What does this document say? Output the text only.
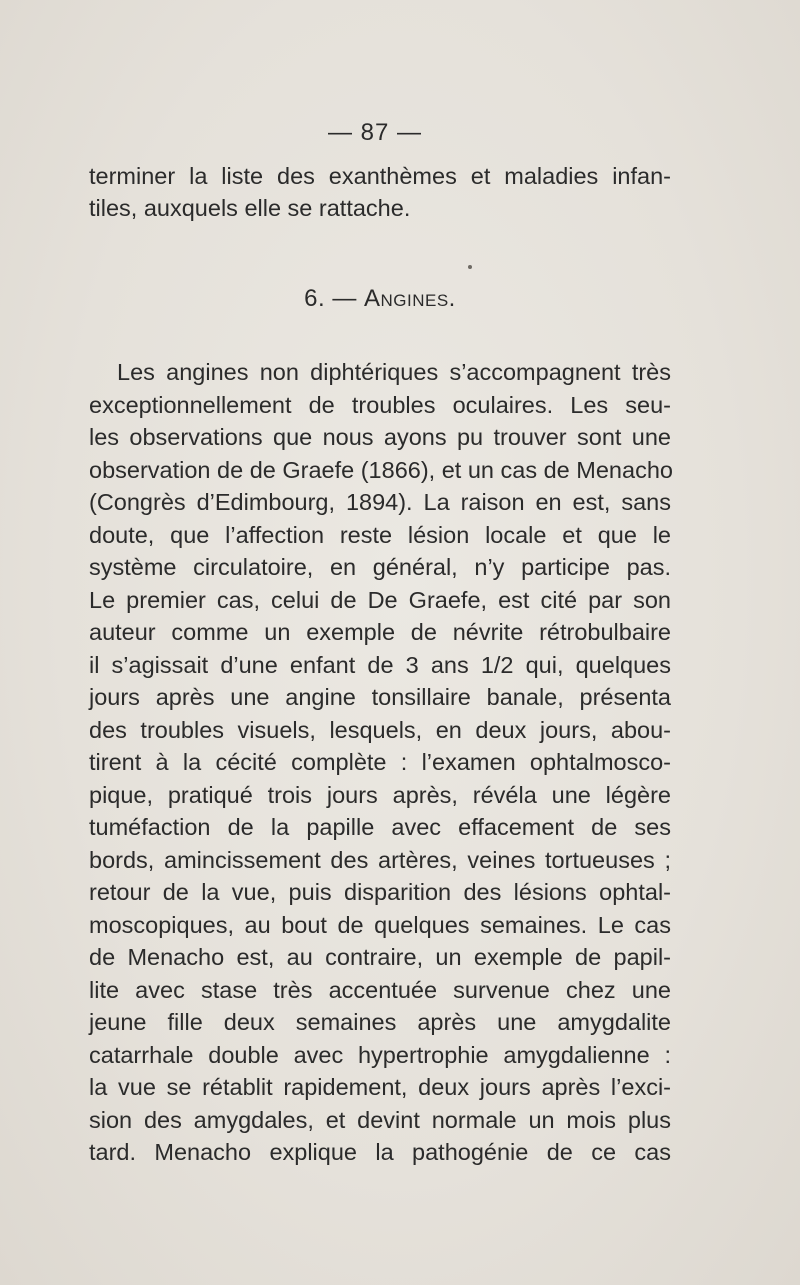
— 87 —
terminer la liste des exanthèmes et maladies infan-
tiles, auxquels elle se rattache.
6. — Angines.
Les angines non diphtériques s’accompagnent très
exceptionnellement de troubles oculaires. Les seu-
les observations que nous ayons pu trouver sont une
observation de de Graefe (1866), et un cas de Menacho
(Congrès d’Edimbourg, 1894). La raison en est, sans
doute, que l’affection reste lésion locale et que le
système circulatoire, en général, n’y participe pas.
Le premier cas, celui de De Graefe, est cité par son
auteur comme un exemple de névrite rétrobulbaire
il s’agissait d’une enfant de 3 ans 1/2 qui, quelques
jours après une angine tonsillaire banale, présenta
des troubles visuels, lesquels, en deux jours, abou-
tirent à la cécité complète : l’examen ophtalmosco-
pique, pratiqué trois jours après, révéla une légère
tuméfaction de la papille avec effacement de ses
bords, amincissement des artères, veines tortueuses ;
retour de la vue, puis disparition des lésions ophtal-
moscopiques, au bout de quelques semaines. Le cas
de Menacho est, au contraire, un exemple de papil-
lite avec stase très accentuée survenue chez une
jeune fille deux semaines après une amygdalite
catarrhale double avec hypertrophie amygdalienne :
la vue se rétablit rapidement, deux jours après l’exci-
sion des amygdales, et devint normale un mois plus
tard. Menacho explique la pathogénie de ce cas
